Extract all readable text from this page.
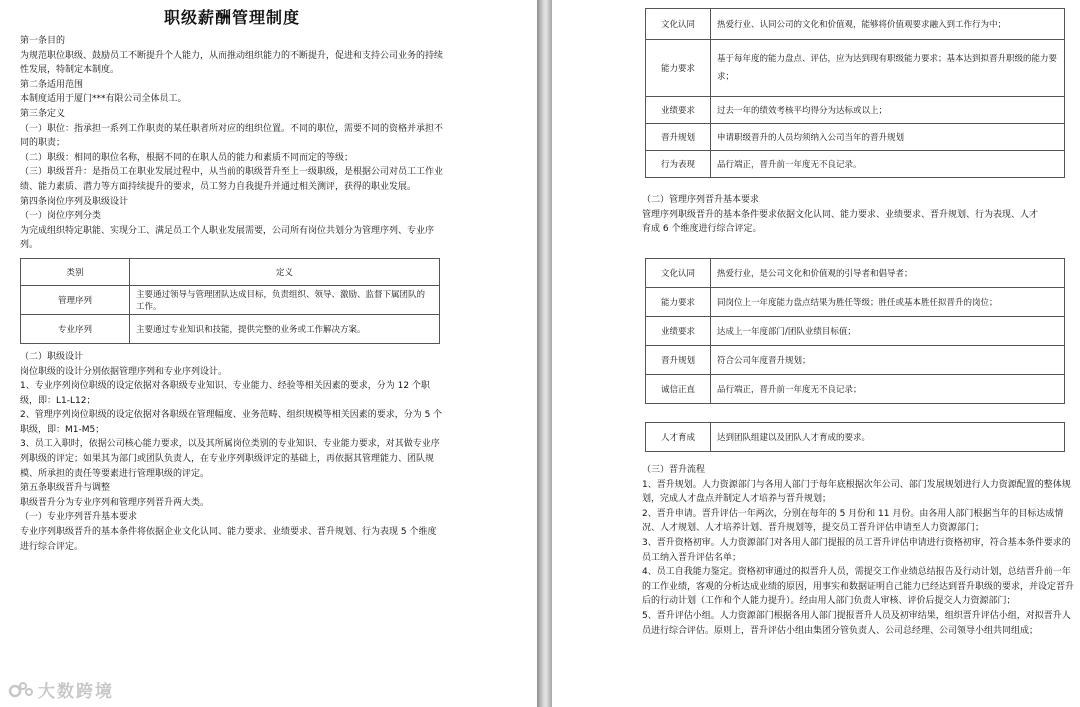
职级薪酬管理制度

第一条目的

为规范职位职级、鼓励员工不断提升个人能力，从而推动组织能力的不断提升，促进和支持公司业务的持续性发展，特制定本制度。

第二条适用范围

本制度适用于厦门***有限公司全体员工。

第三条定义

（一）职位：指承担一系列工作职责的某任职者所对应的组织位置。不同的职位，需要不同的资格并承担不同的职责；

（二）职级：相同的职位名称，根据不同的在职人员的能力和素质不同而定的等级；

（三）职级晋升：是指员工在职业发展过程中，从当前的职级晋升至上一级职级，是根据公司对员工工作业绩、能力素质、潜力等方面持续提升的要求，员工努力自我提升并通过相关测评，获得的职业发展。

第四条岗位序列及职级设计

（一）岗位序列分类

为完成组织特定职能、实现分工、满足员工个人职业发展需要，公司所有岗位共划分为管理序列、专业序列。

类别	定义
管理序列	主要通过领导与管理团队达成目标，负责组织、领导、激励、监督下属团队的工作。
专业序列	主要通过专业知识和技能，提供完整的业务或工作解决方案。

（二）职级设计

岗位职级的设计分别依据管理序列和专业序列设计。

1、专业序列岗位职级的设定依据对各职级专业知识、专业能力、经验等相关因素的要求，分为 12 个职级，即：L1-L12；

2、管理序列岗位职级的设定依据对各职级在管理幅度、业务范畴、组织规模等相关因素的要求，分为 5 个职级，即：M1-M5；

3、员工入职时，依据公司核心能力要求，以及其所属岗位类别的专业知识、专业能力要求，对其做专业序列职级的评定；如果其为部门或团队负责人，在专业序列职级评定的基础上，再依据其管理能力、团队规模、所承担的责任等要素进行管理职级的评定。

第五条职级晋升与调整

职级晋升分为专业序列和管理序列晋升两大类。

（一）专业序列晋升基本要求

专业序列职级晋升的基本条件将依据企业文化认同、能力要求、业绩要求、晋升规划、行为表现 5 个维度进行综合评定。

大数跨境
文化认同	热爱行业、认同公司的文化和价值观，能够将价值观要求融入到工作行为中；
能力要求	基于每年度的能力盘点、评估，应为达到现有职级能力要求；基本达到拟晋升职级的能力要求；
业绩要求	过去一年的绩效考核平均得分为达标或以上；
晋升规划	申请职级晋升的人员均须纳入公司当年的晋升规划
行为表现	品行端正，晋升前一年度无不良记录。

（二）管理序列晋升基本要求

管理序列职级晋升的基本条件要求依据文化认同、能力要求、业绩要求、晋升规划、行为表现、人才

育成 6 个维度进行综合评定。

文化认同	热爱行业，是公司文化和价值观的引导者和倡导者；
能力要求	同岗位上一年度能力盘点结果为胜任等级；胜任或基本胜任拟晋升的岗位；
业绩要求	达成上一年度部门/团队业绩目标值；
晋升规划	符合公司年度晋升规划；
诚信正直	品行端正，晋升前一年度无不良记录；
人才育成	达到团队组建以及团队人才育成的要求。

（三）晋升流程

1、晋升规划。人力资源部门与各用人部门于每年底根据次年公司、部门发展规划进行人力资源配置的整体规划，完成人才盘点并制定人才培养与晋升规划；

2、晋升申请。晋升评估一年两次，分别在每年的 5 月份和 11 月份。由各用人部门根据当年的目标达成情况、人才规划、人才培养计划、晋升规划等，提交员工晋升评估申请至人力资源部门；

3、晋升资格初审。人力资源部门对各用人部门提报的员工晋升评估申请进行资格初审，符合基本条件要求的员工纳入晋升评估名单；

4、员工自我能力鉴定。资格初审通过的拟晋升人员，需提交工作业绩总结报告及行动计划，总结晋升前一年的工作业绩，客观的分析达成业绩的原因，用事实和数据证明自己能力已经达到晋升职级的要求，并设定晋升后的行动计划（工作和个人能力提升）。经由用人部门负责人审核、评价后提交人力资源部门；

5、晋升评估小组。人力资源部门根据各用人部门提报晋升人员及初审结果，组织晋升评估小组，对拟晋升人员进行综合评估。原则上，晋升评估小组由集团分管负责人、公司总经理、公司领导小组共同组成；
